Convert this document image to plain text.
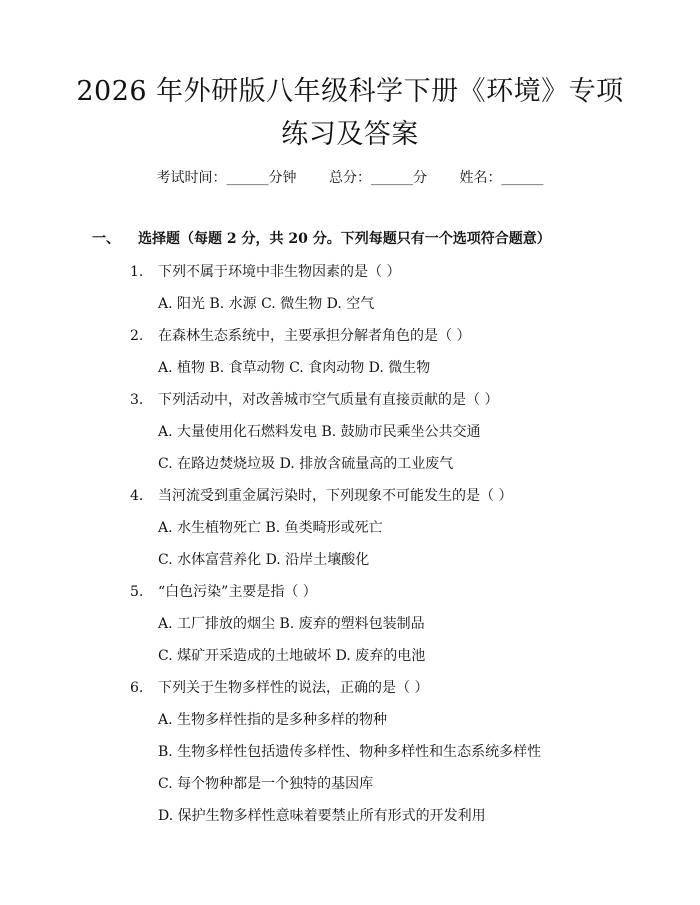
2026 年外研版八年级科学下册《环境》专项
练习及答案
考试时间：______分钟 总分：______分 姓名：______
一、 选择题（每题 2 分，共 20 分。下列每题只有一个选项符合题意）
1. 下列不属于环境中非生物因素的是（ ）
A. 阳光 B. 水源 C. 微生物 D. 空气
2. 在森林生态系统中，主要承担分解者角色的是（ ）
A. 植物 B. 食草动物 C. 食肉动物 D. 微生物
3. 下列活动中，对改善城市空气质量有直接贡献的是（ ）
A. 大量使用化石燃料发电 B. 鼓励市民乘坐公共交通
C. 在路边焚烧垃圾 D. 排放含硫量高的工业废气
4. 当河流受到重金属污染时，下列现象不可能发生的是（ ）
A. 水生植物死亡 B. 鱼类畸形或死亡
C. 水体富营养化 D. 沿岸土壤酸化
5. “白色污染”主要是指（ ）
A. 工厂排放的烟尘 B. 废弃的塑料包装制品
C. 煤矿开采造成的土地破坏 D. 废弃的电池
6. 下列关于生物多样性的说法，正确的是（ ）
A. 生物多样性指的是多种多样的物种
B. 生物多样性包括遗传多样性、物种多样性和生态系统多样性
C. 每个物种都是一个独特的基因库
D. 保护生物多样性意味着要禁止所有形式的开发利用
